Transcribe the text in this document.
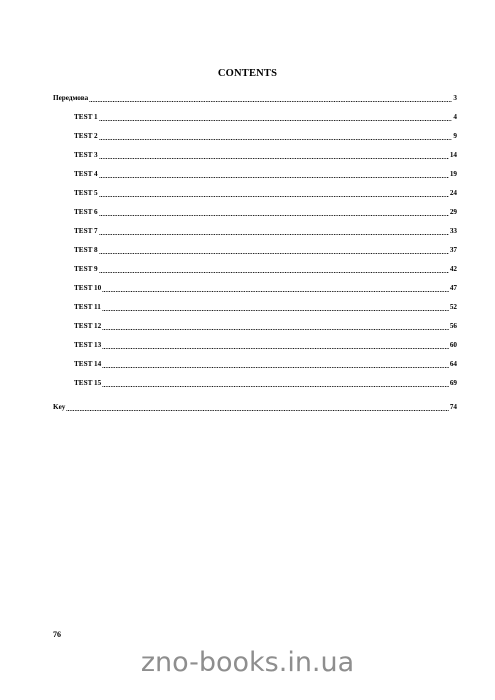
CONTENTS
Передмова	3
TEST 1	4
TEST 2	9
TEST 3	14
TEST 4	19
TEST 5	24
TEST 6	29
TEST 7	33
TEST 8	37
TEST 9	42
TEST 10	47
TEST 11	52
TEST 12	56
TEST 13	60
TEST 14	64
TEST 15	69
Key	74
76
zno-books.in.ua
